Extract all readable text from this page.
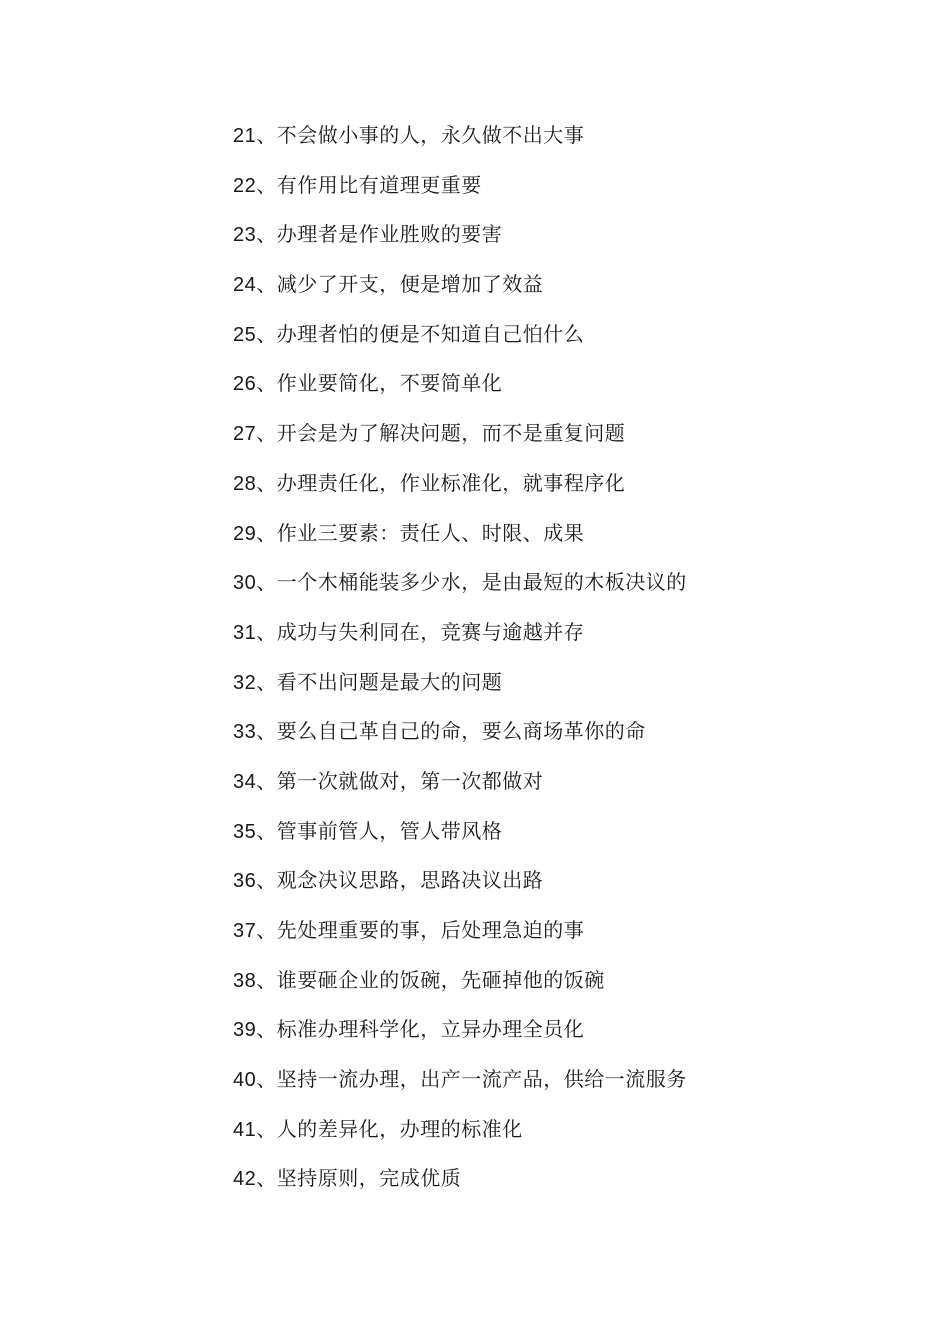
21、不会做小事的人，永久做不出大事
22、有作用比有道理更重要
23、办理者是作业胜败的要害
24、减少了开支，便是增加了效益
25、办理者怕的便是不知道自己怕什么
26、作业要简化，不要简单化
27、开会是为了解决问题，而不是重复问题
28、办理责任化，作业标准化，就事程序化
29、作业三要素：责任人、时限、成果
30、一个木桶能装多少水，是由最短的木板决议的
31、成功与失利同在，竞赛与逾越并存
32、看不出问题是最大的问题
33、要么自己革自己的命，要么商场革你的命
34、第一次就做对，第一次都做对
35、管事前管人，管人带风格
36、观念决议思路，思路决议出路
37、先处理重要的事，后处理急迫的事
38、谁要砸企业的饭碗，先砸掉他的饭碗
39、标准办理科学化，立异办理全员化
40、坚持一流办理，出产一流产品，供给一流服务
41、人的差异化，办理的标准化
42、坚持原则，完成优质
